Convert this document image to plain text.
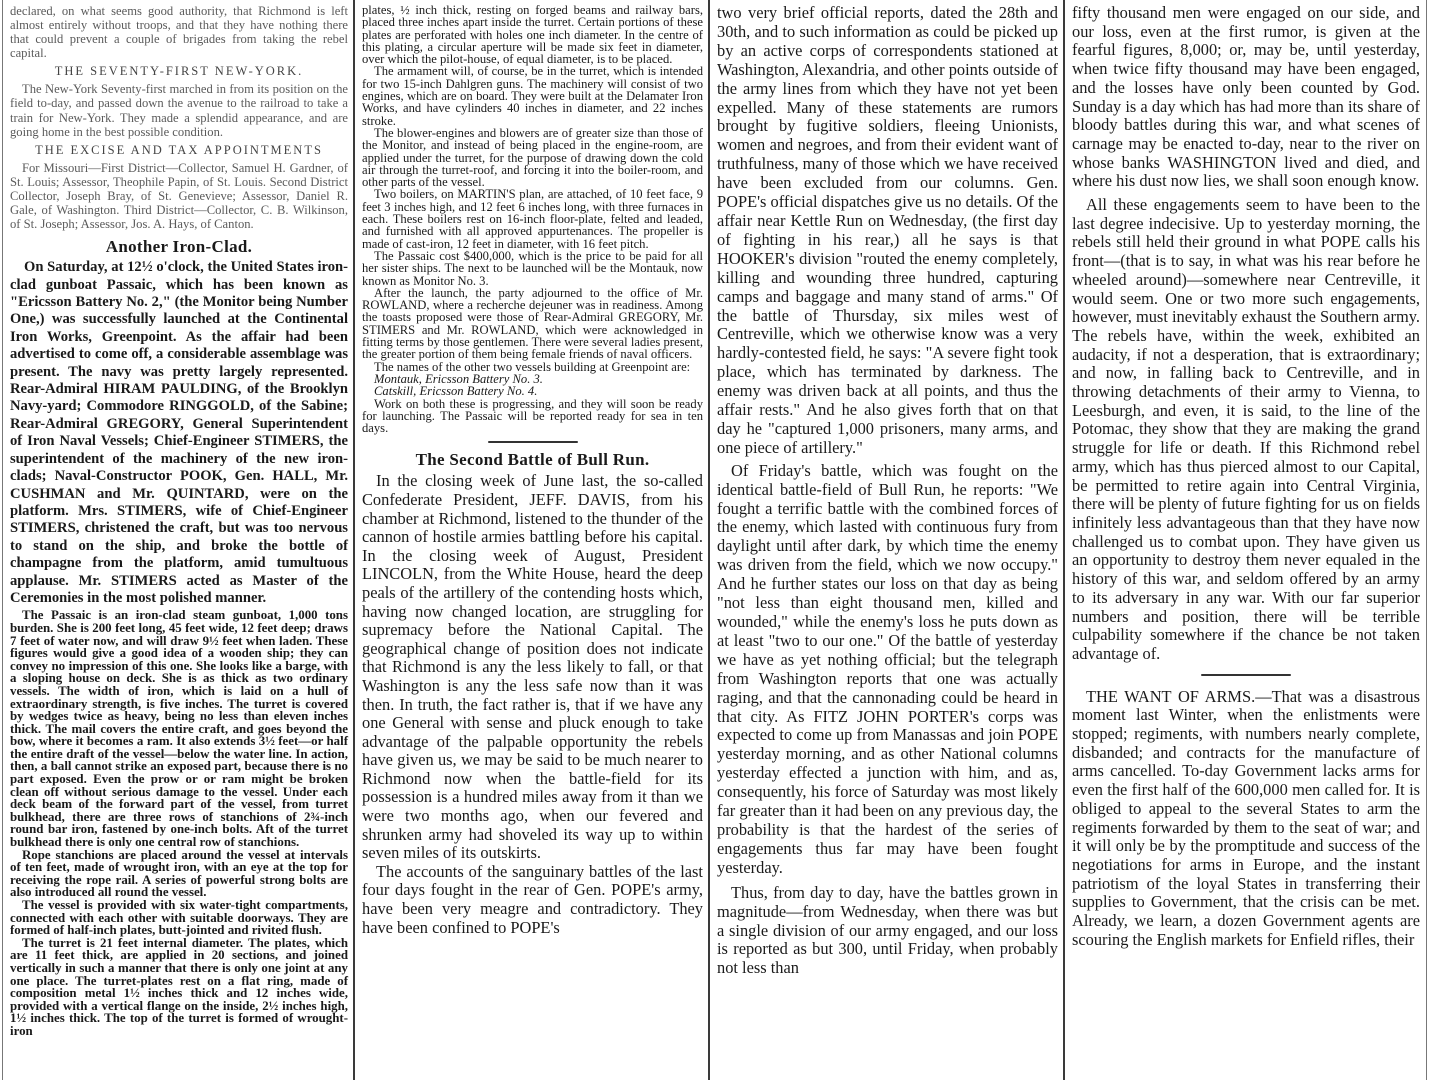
declared, on what seems good authority, that Richmond is left almost entirely without troops, and that they have nothing there that could prevent a couple of brigades from taking the rebel capital.

THE SEVENTY-FIRST NEW-YORK.

The New-York Seventy-first marched in from its position on the field to-day, and passed down the avenue to the railroad to take a train for New-York. They made a splendid appearance, and are going home in the best possible condition.

THE EXCISE AND TAX APPOINTMENTS

For Missouri—First District—Collector, Samuel H. Gardner, of St. Louis; Assessor, Theophile Papin, of St. Louis. Second District Collector, Joseph Bray, of St. Genevieve; Assessor, Daniel R. Gale, of Washington. Third District—Collector, C. B. Wilkinson, of St. Joseph; Assessor, Jos. A. Hays, of Canton.

Another Iron-Clad.

On Saturday, at 12½ o'clock, the United States iron-clad gunboat Passaic, which has been known as "Ericsson Battery No. 2," (the Monitor being Number One,) was successfully launched at the Continental Iron Works, Greenpoint. As the affair had been advertised to come off, a considerable assemblage was present. The navy was pretty largely represented. Rear-Admiral HIRAM PAULDING, of the Brooklyn Navy-yard; Commodore RINGGOLD, of the Sabine; Rear-Admiral GREGORY, General Superintendent of Iron Naval Vessels; Chief-Engineer STIMERS, the superintendent of the machinery of the new iron-clads; Naval-Constructor POOK, Gen. HALL, Mr. CUSHMAN and Mr. QUINTARD, were on the platform. Mrs. STIMERS, wife of Chief-Engineer STIMERS, christened the craft, but was too nervous to stand on the ship, and broke the bottle of champagne from the platform, amid tumultuous applause. Mr. STIMERS acted as Master of the Ceremonies in the most polished manner.

The Passaic is an iron-clad steam gunboat, 1,000 tons burden. She is 200 feet long, 45 feet wide, 12 feet deep; draws 7 feet of water now, and will draw 9½ feet when laden. These figures would give a good idea of a wooden ship; they can convey no impression of this one. She looks like a barge, with a sloping house on deck. She is as thick as two ordinary vessels. The width of iron, which is laid on a hull of extraordinary strength, is five inches. The turret is covered by wedges twice as heavy, being no less than eleven inches thick. The mail covers the entire craft, and goes beyond the bow, where it becomes a ram. It also extends 3½ feet—or half the entire draft of the vessel—below the water line. In action, then, a ball cannot strike an exposed part, because there is no part exposed. Even the prow or or ram might be broken clean off without serious damage to the vessel. Under each deck beam of the forward part of the vessel, from turret bulkhead, there are three rows of stanchions of 2¾-inch round bar iron, fastened by one-inch bolts. Aft of the turret bulkhead there is only one central row of stanchions.

Rope stanchions are placed around the vessel at intervals of ten feet, made of wrought iron, with an eye at the top for receiving the rope rail. A series of powerful strong bolts are also introduced all round the vessel.

The vessel is provided with six water-tight compartments, connected with each other with suitable doorways. They are formed of half-inch plates, butt-jointed and rivited flush.

The turret is 21 feet internal diameter. The plates, which are 11 feet thick, are applied in 20 sections, and joined vertically in such a manner that there is only one joint at any one place. The turret-plates rest on a flat ring, made of composition metal 1½ inches thick and 12 inches wide, provided with a vertical flange on the inside, 2½ inches high, 1½ inches thick. The top of the turret is formed of wrought-iron

plates, ½ inch thick, resting on forged beams and railway bars, placed three inches apart inside the turret. Certain portions of these plates are perforated with holes one inch diameter. In the centre of this plating, a circular aperture will be made six feet in diameter, over which the pilot-house, of equal diameter, is to be placed.

The armament will, of course, be in the turret, which is intended for two 15-inch Dahlgren guns. The machinery will consist of two engines, which are on board. They were built at the Delamater Iron Works, and have cylinders 40 inches in diameter, and 22 inches stroke.

The blower-engines and blowers are of greater size than those of the Monitor, and instead of being placed in the engine-room, are applied under the turret, for the purpose of drawing down the cold air through the turret-roof, and forcing it into the boiler-room, and other parts of the vessel.

Two boilers, on MARTIN'S plan, are attached, of 10 feet face, 9 feet 3 inches high, and 12 feet 6 inches long, with three furnaces in each. These boilers rest on 16-inch floor-plate, felted and leaded, and furnished with all approved appurtenances. The propeller is made of cast-iron, 12 feet in diameter, with 16 feet pitch.

The Passaic cost $400,000, which is the price to be paid for all her sister ships. The next to be launched will be the Montauk, now known as Monitor No. 3.

After the launch, the party adjourned to the office of Mr. ROWLAND, where a recherche dejeuner was in readiness. Among the toasts proposed were those of Rear-Admiral GREGORY, Mr. STIMERS and Mr. ROWLAND, which were acknowledged in fitting terms by those gentlemen. There were several ladies present, the greater portion of them being female friends of naval officers.

The names of the other two vessels building at Greenpoint are:

Montauk, Ericsson Battery No. 3.

Catskill, Ericsson Battery No. 4.

Work on both these is progressing, and they will soon be ready for launching. The Passaic will be reported ready for sea in ten days.

The Second Battle of Bull Run.

In the closing week of June last, the so-called Confederate President, JEFF. DAVIS, from his chamber at Richmond, listened to the thunder of the cannon of hostile armies battling before his capital. In the closing week of August, President LINCOLN, from the White House, heard the deep peals of the artillery of the contending hosts which, having now changed location, are struggling for supremacy before the National Capital. The geographical change of position does not indicate that Richmond is any the less likely to fall, or that Washington is any the less safe now than it was then. In truth, the fact rather is, that if we have any one General with sense and pluck enough to take advantage of the palpable opportunity the rebels have given us, we may be said to be much nearer to Richmond now when the battle-field for its possession is a hundred miles away from it than we were two months ago, when our fevered and shrunken army had shoveled its way up to within seven miles of its outskirts.

The accounts of the sanguinary battles of the last four days fought in the rear of Gen. POPE's army, have been very meagre and contradictory. They have been confined to POPE's

two very brief official reports, dated the 28th and 30th, and to such information as could be picked up by an active corps of correspondents stationed at Washington, Alexandria, and other points outside of the army lines from which they have not yet been expelled. Many of these statements are rumors brought by fugitive soldiers, fleeing Unionists, women and negroes, and from their evident want of truthfulness, many of those which we have received have been excluded from our columns. Gen. POPE's official dispatches give us no details. Of the affair near Kettle Run on Wednesday, (the first day of fighting in his rear,) all he says is that HOOKER's division "routed the enemy completely, killing and wounding three hundred, capturing camps and baggage and many stand of arms." Of the battle of Thursday, six miles west of Centreville, which we otherwise know was a very hardly-contested field, he says: "A severe fight took place, which has terminated by darkness. The enemy was driven back at all points, and thus the affair rests." And he also gives forth that on that day he "captured 1,000 prisoners, many arms, and one piece of artillery."

Of Friday's battle, which was fought on the identical battle-field of Bull Run, he reports: "We fought a terrific battle with the combined forces of the enemy, which lasted with continuous fury from daylight until after dark, by which time the enemy was driven from the field, which we now occupy." And he further states our loss on that day as being "not less than eight thousand men, killed and wounded," while the enemy's loss he puts down as at least "two to our one." Of the battle of yesterday we have as yet nothing official; but the telegraph from Washington reports that one was actually raging, and that the cannonading could be heard in that city. As FITZ JOHN PORTER's corps was expected to come up from Manassas and join POPE yesterday morning, and as other National columns yesterday effected a junction with him, and as, consequently, his force of Saturday was most likely far greater than it had been on any previous day, the probability is that the hardest of the series of engagements thus far may have been fought yesterday.

Thus, from day to day, have the battles grown in magnitude—from Wednesday, when there was but a single division of our army engaged, and our loss is reported as but 300, until Friday, when probably not less than

fifty thousand men were engaged on our side, and our loss, even at the first rumor, is given at the fearful figures, 8,000; or, may be, until yesterday, when twice fifty thousand may have been engaged, and the losses have only been counted by God. Sunday is a day which has had more than its share of bloody battles during this war, and what scenes of carnage may be enacted to-day, near to the river on whose banks WASHINGTON lived and died, and where his dust now lies, we shall soon enough know.

All these engagements seem to have been to the last degree indecisive. Up to yesterday morning, the rebels still held their ground in what POPE calls his front—(that is to say, in what was his rear before he wheeled around)—somewhere near Centreville, it would seem. One or two more such engagements, however, must inevitably exhaust the Southern army. The rebels have, within the week, exhibited an audacity, if not a desperation, that is extraordinary; and now, in falling back to Centreville, and in throwing detachments of their army to Vienna, to Leesburgh, and even, it is said, to the line of the Potomac, they show that they are making the grand struggle for life or death. If this Richmond rebel army, which has thus pierced almost to our Capital, be permitted to retire again into Central Virginia, there will be plenty of future fighting for us on fields infinitely less advantageous than that they have now challenged us to combat upon. They have given us an opportunity to destroy them never equaled in the history of this war, and seldom offered by an army to its adversary in any war. With our far superior numbers and position, there will be terrible culpability somewhere if the chance be not taken advantage of.

THE WANT OF ARMS.—That was a disastrous moment last Winter, when the enlistments were stopped; regiments, with numbers nearly complete, disbanded; and contracts for the manufacture of arms cancelled. To-day Government lacks arms for even the first half of the 600,000 men called for. It is obliged to appeal to the several States to arm the regiments forwarded by them to the seat of war; and it will only be by the promptitude and success of the negotiations for arms in Europe, and the instant patriotism of the loyal States in transferring their supplies to Government, that the crisis can be met. Already, we learn, a dozen Government agents are scouring the English markets for Enfield rifles, their
